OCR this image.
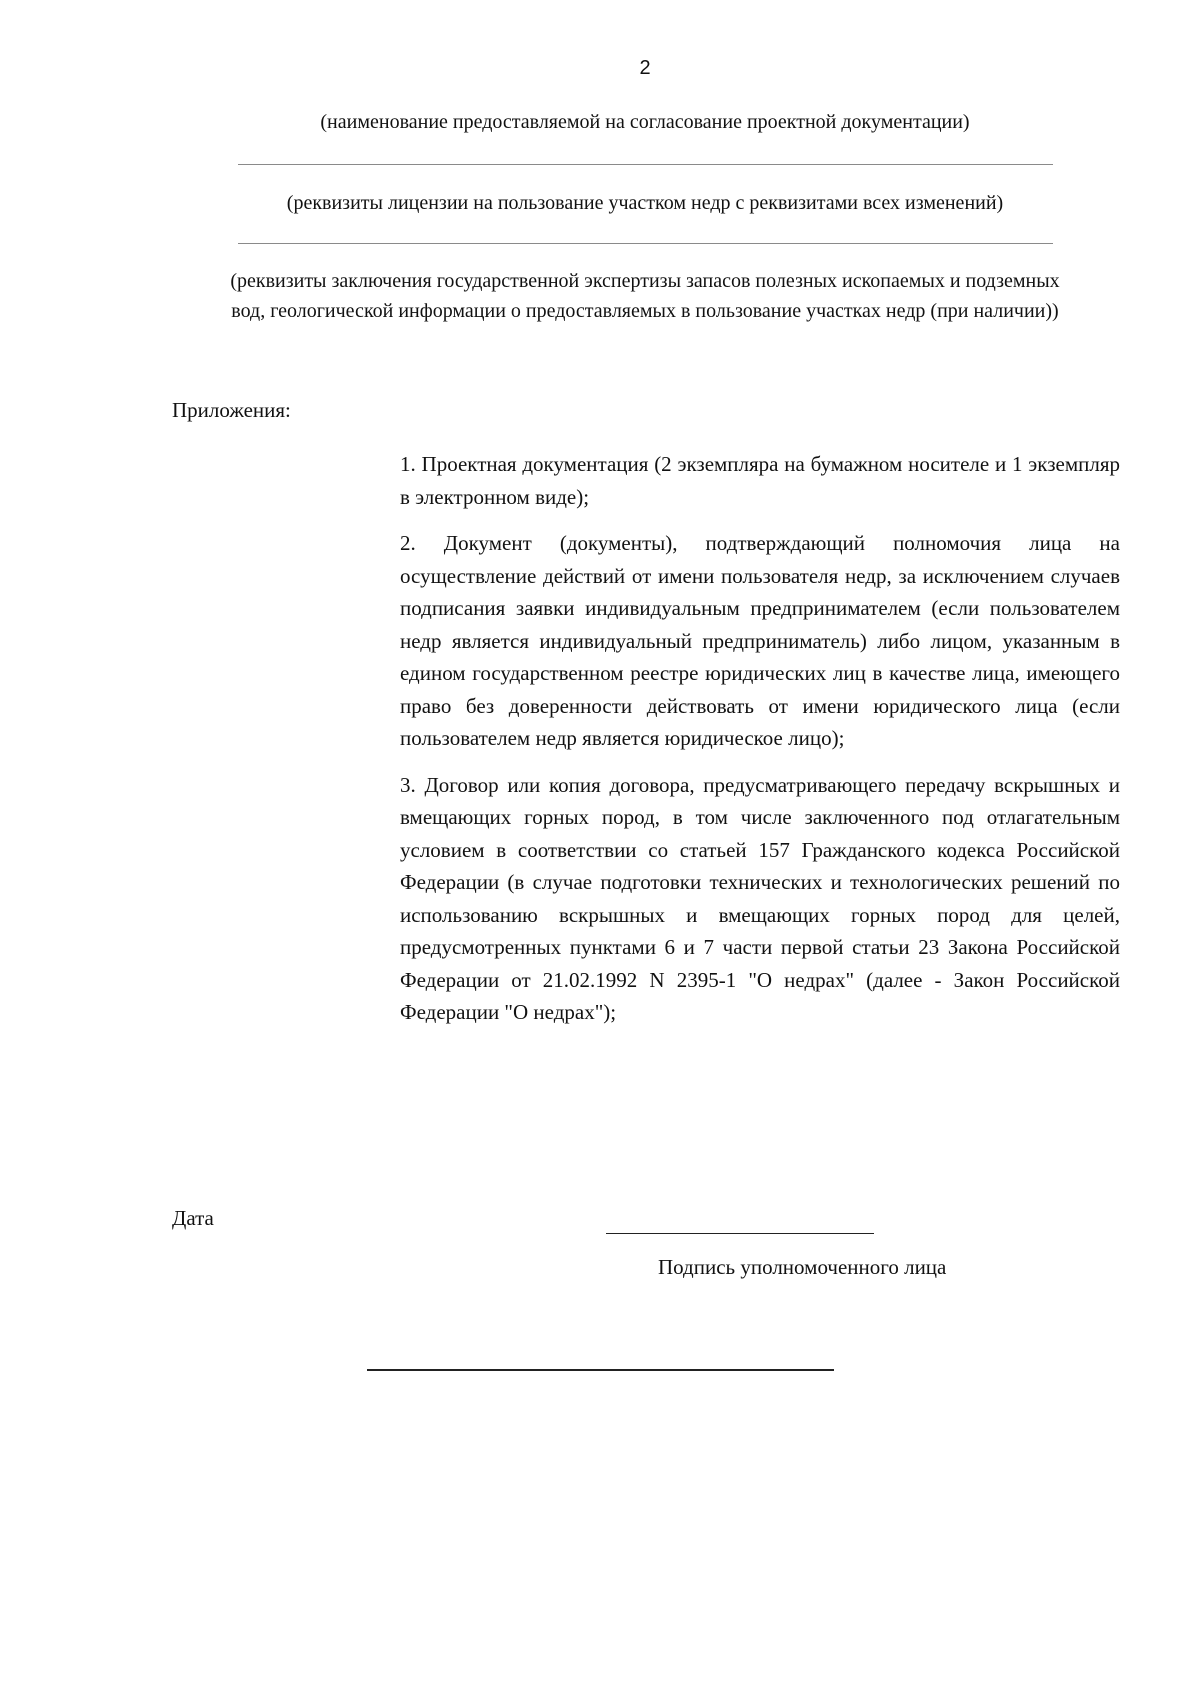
2
(наименование предоставляемой на согласование проектной документации)
(реквизиты лицензии на пользование участком недр с реквизитами всех изменений)
(реквизиты заключения государственной экспертизы запасов полезных ископаемых и подземных
вод, геологической информации о предоставляемых в пользование участках недр (при наличии))
Приложения:

1. Проектная документация (2 экземпляра на бумажном носителе и 1 экземпляр в электронном виде);

2. Документ (документы), подтверждающий полномочия лица на осуществление действий от имени пользователя недр, за исключением случаев подписания заявки индивидуальным предпринимателем (если пользователем недр является индивидуальный предприниматель) либо лицом, указанным в едином государственном реестре юридических лиц в качестве лица, имеющего право без доверенности действовать от имени юридического лица (если пользователем недр является юридическое лицо);

3. Договор или копия договора, предусматривающего передачу вскрышных и вмещающих горных пород, в том числе заключенного под отлагательным условием в соответствии со статьей 157 Гражданского кодекса Российской Федерации (в случае подготовки технических и технологических решений по использованию вскрышных и вмещающих горных пород для целей, предусмотренных пунктами 6 и 7 части первой статьи 23 Закона Российской Федерации от 21.02.1992 N 2395-1 "О недрах" (далее - Закон Российской Федерации "О недрах");

Дата
Подпись уполномоченного лица
